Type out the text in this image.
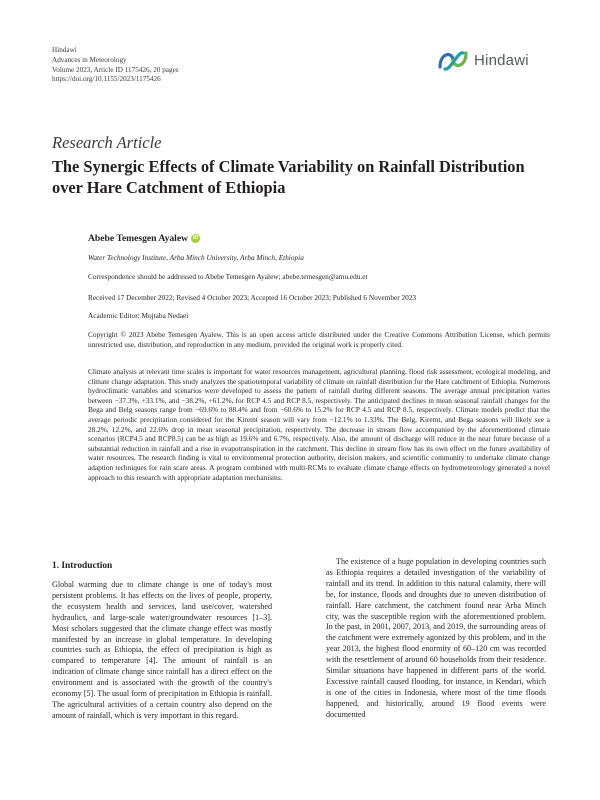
Hindawi
Advances in Meteorology
Volume 2023, Article ID 1175426, 20 pages
https://doi.org/10.1155/2023/1175426
Hindawi
Research Article
The Synergic Effects of Climate Variability on Rainfall Distribution over Hare Catchment of Ethiopia
Abebe Temesgen Ayalew iD
Water Technology Institute, Arba Minch University, Arba Minch, Ethiopia
Correspondence should be addressed to Abebe Temesgen Ayalew; abebe.temesgen@amu.edu.et
Received 17 December 2022; Revised 4 October 2023; Accepted 16 October 2023; Published 6 November 2023
Academic Editor: Mojtaba Nedaei
Copyright © 2023 Abebe Temesgen Ayalew. This is an open access article distributed under the Creative Commons Attribution License, which permits unrestricted use, distribution, and reproduction in any medium, provided the original work is properly cited.
Climate analysis at relevant time scales is important for water resources management, agricultural planning, flood risk assessment, ecological modeling, and climate change adaptation. This study analyzes the spatiotemporal variability of climate on rainfall distribution for the Hare catchment of Ethiopia. Numerous hydroclimatic variables and scenarios were developed to assess the pattern of rainfall during different seasons. The average annual precipitation varies between −37.3%, +33.1%, and −38.2%, +61.2%, for RCP 4.5 and RCP 8.5, respectively. The anticipated declines in mean seasonal rainfall changes for the Bega and Belg seasons range from −69.6% to 88.4% and from −60.6% to 15.2% for RCP 4.5 and RCP 8.5, respectively. Climate models predict that the average periodic precipitation considered for the Kiremt season will vary from −12.1% to 1.33%. The Belg, Kiremt, and Bega seasons will likely see a 28.2%, 12.2%, and 22.6% drop in mean seasonal precipitation, respectively. The decrease in stream flow accompanied by the aforementioned climate scenarios (RCP4.5 and RCP8.5) can be as high as 19.6% and 6.7%, respectively. Also, the amount of discharge will reduce in the near future because of a substantial reduction in rainfall and a rise in evapotranspiration in the catchment. This decline in stream flow has its own effect on the future availability of water resources. The research finding is vital to environmental protection authority, decision makers, and scientific community to undertake climate change adaption techniques for rain scare areas. A program combined with multi-RCMs to evaluate climate change effects on hydrometeorology generated a novel approach to this research with appropriate adaptation mechanisms.
1. Introduction
Global warming due to climate change is one of today's most persistent problems. It has effects on the lives of people, property, the ecosystem health and services, land use/cover, watershed hydraulics, and large-scale water/groundwater resources [1–3]. Most scholars suggested that the climate change effect was mostly manifested by an increase in global temperature. In developing countries such as Ethiopia, the effect of precipitation is high as compared to temperature [4]. The amount of rainfall is an indication of climate change since rainfall has a direct effect on the environment and is associated with the growth of the country's economy [5]. The usual form of precipitation in Ethiopia is rainfall. The agricultural activities of a certain country also depend on the amount of rainfall, which is very important in this regard.
The existence of a huge population in developing countries such as Ethiopia requires a detailed investigation of the variability of rainfall and its trend. In addition to this natural calamity, there will be, for instance, floods and droughts due to uneven distribution of rainfall. Hare catchment, the catchment found near Arba Minch city, was the susceptible region with the aforementioned problem. In the past, in 2001, 2007, 2013, and 2019, the surrounding areas of the catchment were extremely agonized by this problem, and in the year 2013, the highest flood enormity of 60–120 cm was recorded with the resettlement of around 60 households from their residence. Similar situations have happened in different parts of the world. Excessive rainfall caused flooding, for instance, in Kendari, which is one of the cities in Indonesia, where most of the time floods happened, and historically, around 19 flood events were documented
